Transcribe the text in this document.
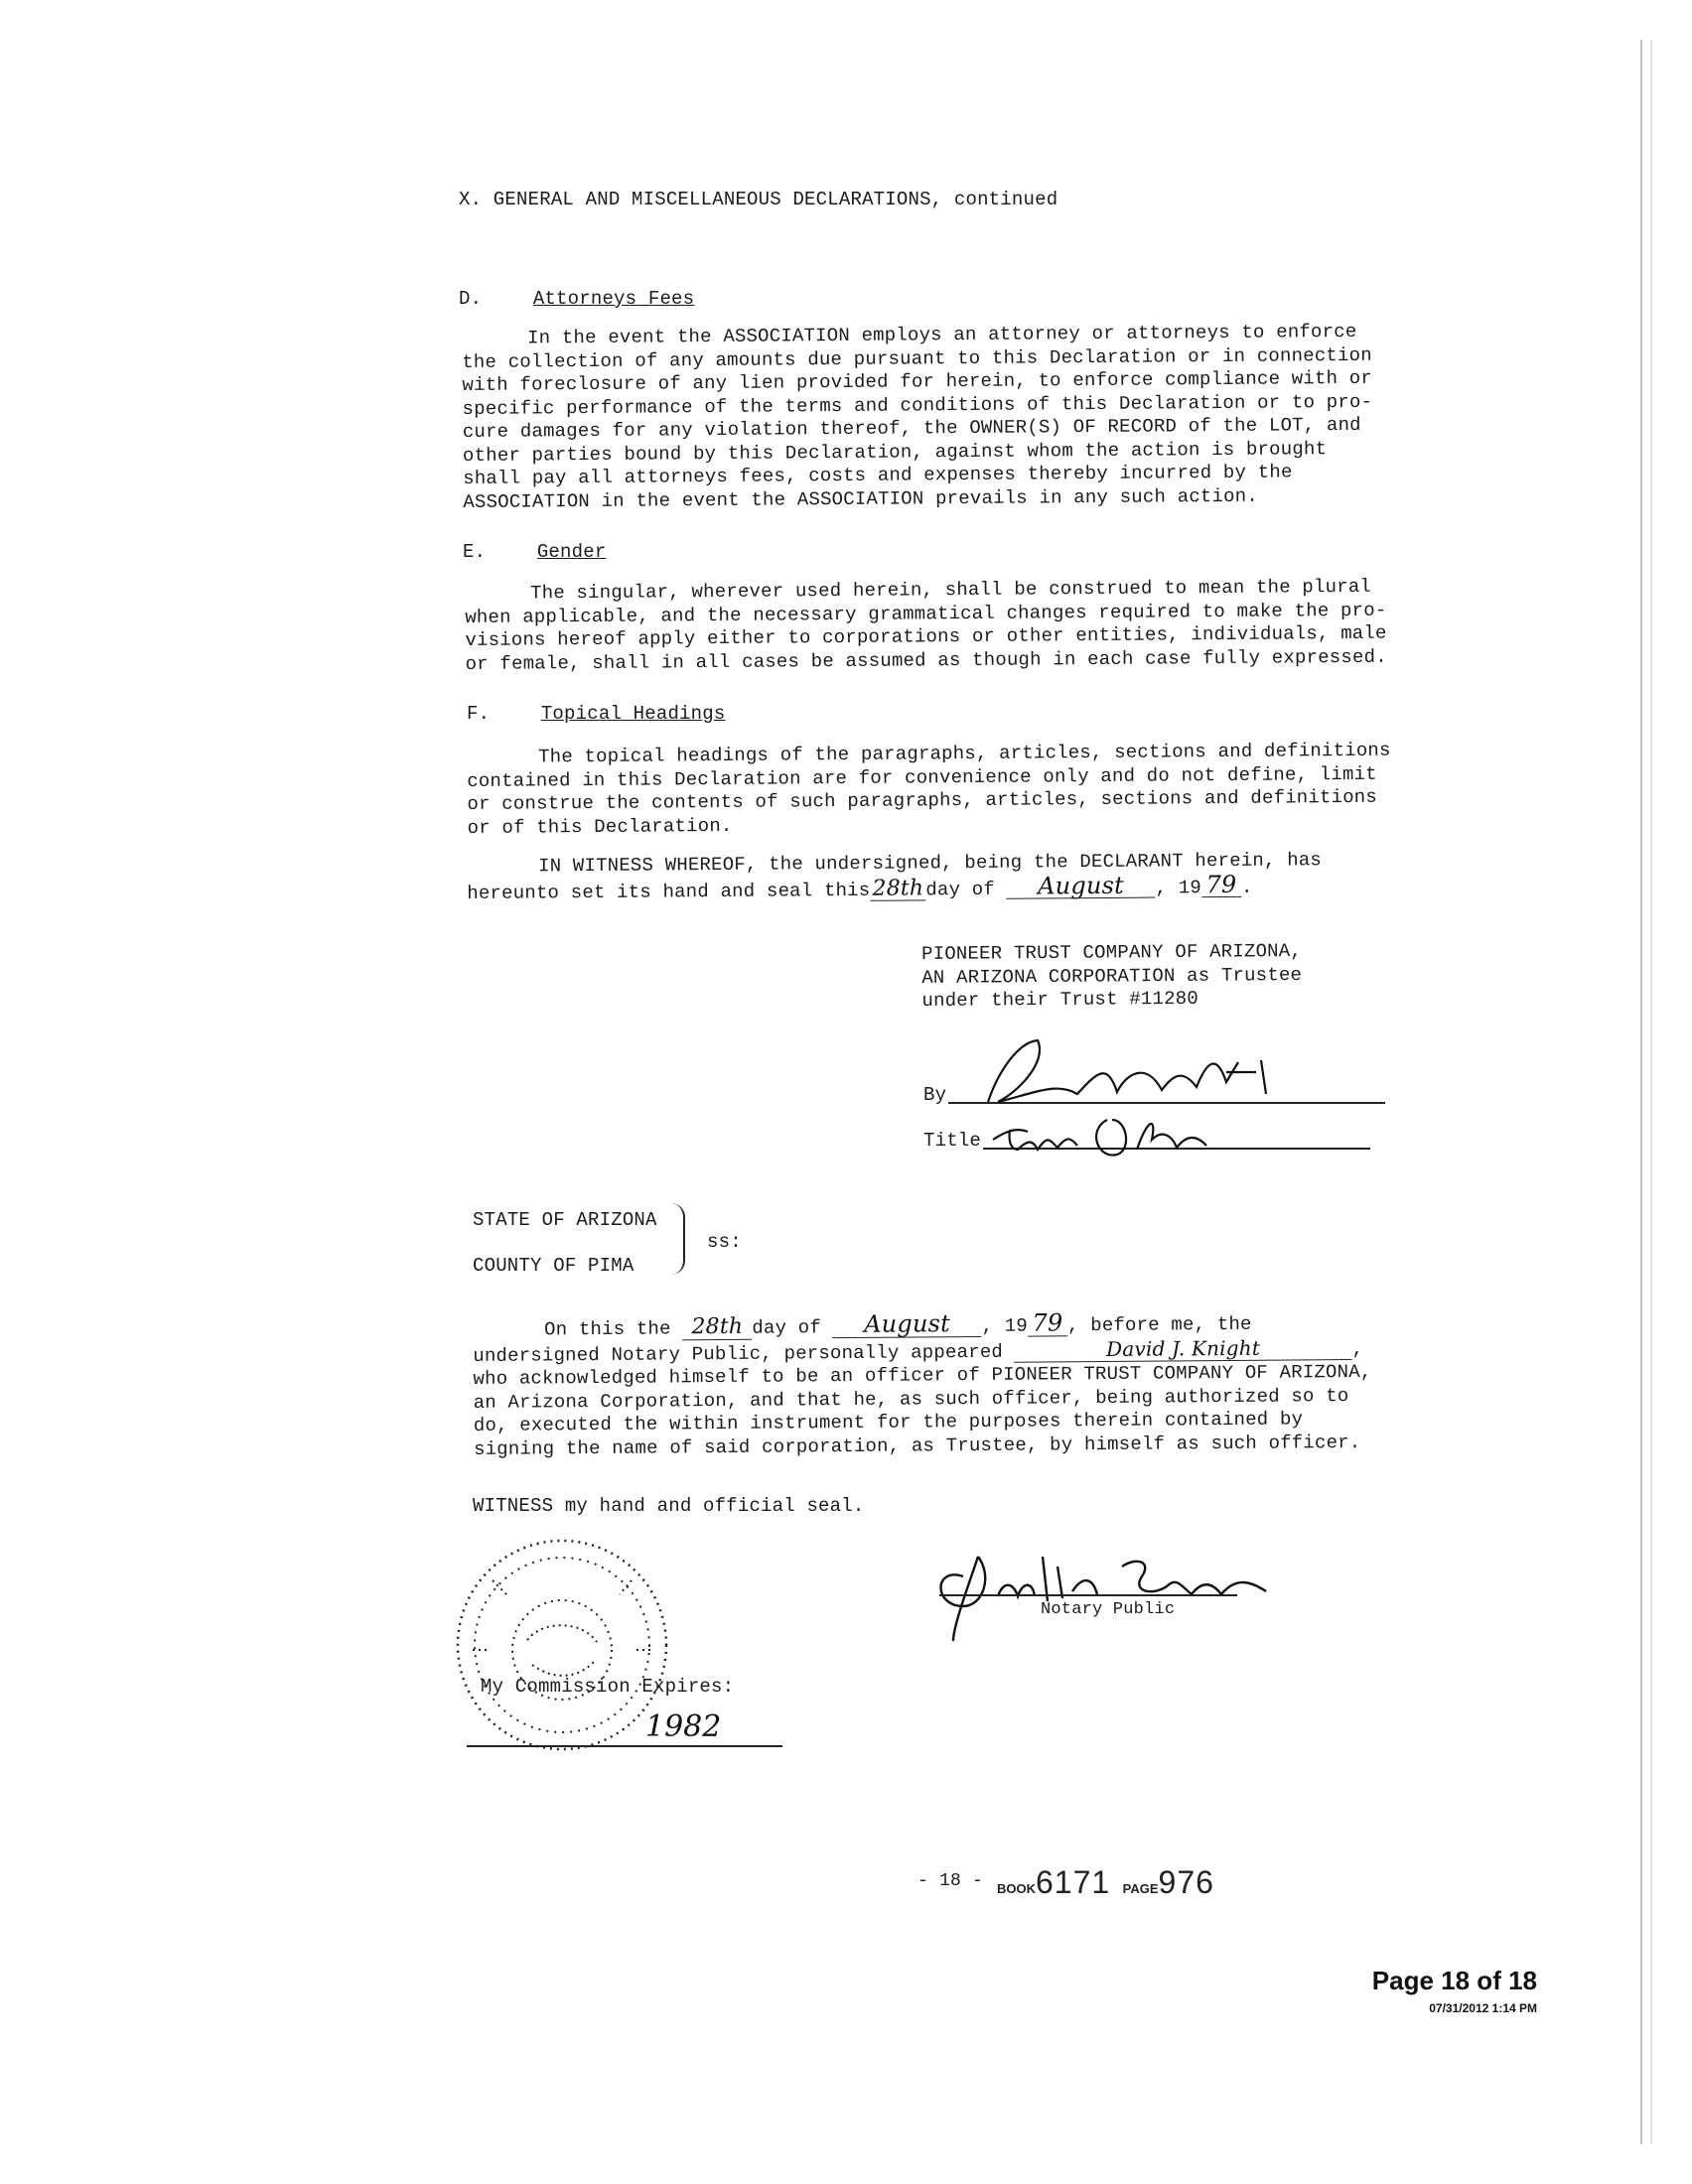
X. GENERAL AND MISCELLANEOUS DECLARATIONS, continued
D.	Attorneys Fees
In the event the ASSOCIATION employs an attorney or attorneys to enforce
the collection of any amounts due pursuant to this Declaration or in connection
with foreclosure of any lien provided for herein, to enforce compliance with or
specific performance of the terms and conditions of this Declaration or to pro-
cure damages for any violation thereof, the OWNER(S) OF RECORD of the LOT, and
other parties bound by this Declaration, against whom the action is brought
shall pay all attorneys fees, costs and expenses thereby incurred by the
ASSOCIATION in the event the ASSOCIATION prevails in any such action.
E.	Gender
The singular, wherever used herein, shall be construed to mean the plural
when applicable, and the necessary grammatical changes required to make the pro-
visions hereof apply either to corporations or other entities, individuals, male
or female, shall in all cases be assumed as though in each case fully expressed.
F.	Topical Headings
The topical headings of the paragraphs, articles, sections and definitions
contained in this Declaration are for convenience only and do not define, limit
or construe the contents of such paragraphs, articles, sections and definitions
or of this Declaration.
IN WITNESS WHEREOF, the undersigned, being the DECLARANT herein, has
hereunto set its hand and seal this28th day of August , 19 79 .
PIONEER TRUST COMPANY OF ARIZONA,
AN ARIZONA CORPORATION as Trustee
under their Trust #11280
By
Title
STATE OF ARIZONA
COUNTY OF PIMA
ss:
On this the 28th day of August , 19 79 , before me, the
undersigned Notary Public, personally appeared	David J. Knight	,
who acknowledged himself to be an officer of PIONEER TRUST COMPANY OF ARIZONA,
an Arizona Corporation, and that he, as such officer, being authorized so to
do, executed the within instrument for the purposes therein contained by
signing the name of said corporation, as Trustee, by himself as such officer.
WITNESS my hand and official seal.
My Commission Expires:
1982
Notary Public
- 18 - BOOK6171 PAGE976
Page 18 of 18
07/31/2012 1:14 PM
